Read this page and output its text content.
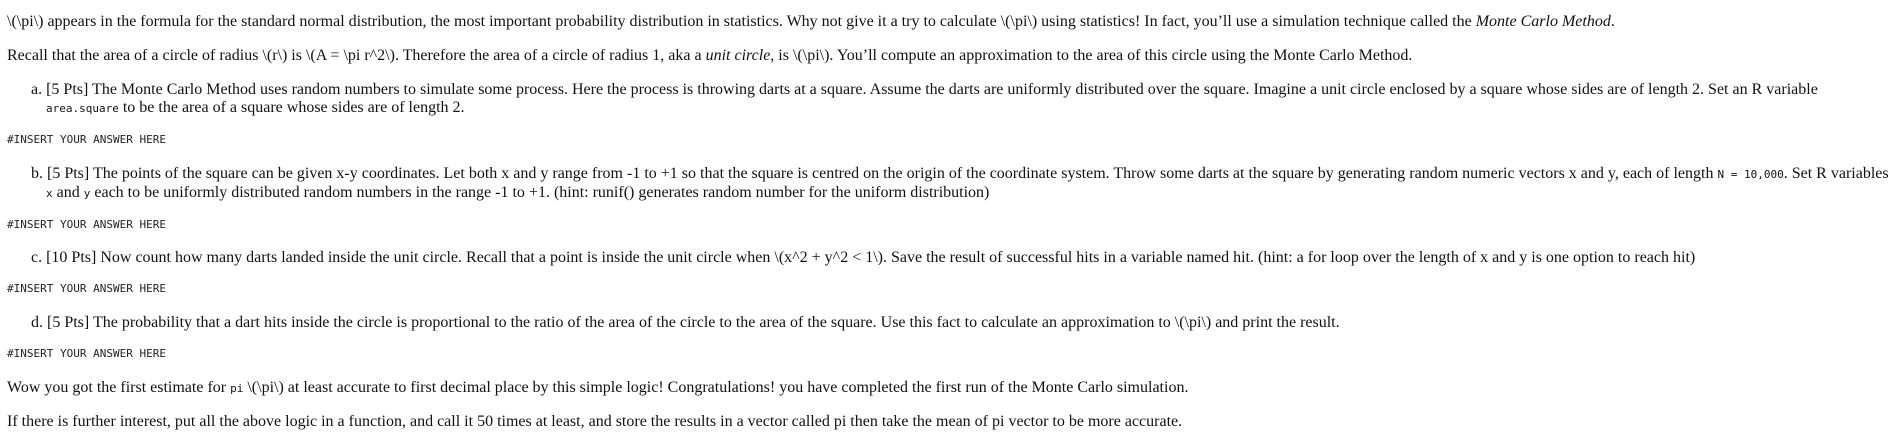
\(\pi\) appears in the formula for the standard normal distribution, the most important probability distribution in statistics. Why not give it a try to calculate \(\pi\) using statistics! In fact, you’ll use a simulation technique called the Monte Carlo Method.
Recall that the area of a circle of radius \(r\) is \(A = \pi r^2\). Therefore the area of a circle of radius 1, aka a unit circle, is \(\pi\). You’ll compute an approximation to the area of this circle using the Monte Carlo Method.
a. [5 Pts] The Monte Carlo Method uses random numbers to simulate some process. Here the process is throwing darts at a square. Assume the darts are uniformly distributed over the square. Imagine a unit circle enclosed by a square whose sides are of length 2. Set an R variable
area.square to be the area of a square whose sides are of length 2.
#INSERT YOUR ANSWER HERE
b. [5 Pts] The points of the square can be given x-y coordinates. Let both x and y range from -1 to +1 so that the square is centred on the origin of the coordinate system. Throw some darts at the square by generating random numeric vectors x and y, each of length N = 10,000. Set R variables
x and y each to be uniformly distributed random numbers in the range -1 to +1. (hint: runif() generates random number for the uniform distribution)
#INSERT YOUR ANSWER HERE
c. [10 Pts] Now count how many darts landed inside the unit circle. Recall that a point is inside the unit circle when \(x^2 + y^2 < 1\). Save the result of successful hits in a variable named hit. (hint: a for loop over the length of x and y is one option to reach hit)
#INSERT YOUR ANSWER HERE
d. [5 Pts] The probability that a dart hits inside the circle is proportional to the ratio of the area of the circle to the area of the square. Use this fact to calculate an approximation to \(\pi\) and print the result.
#INSERT YOUR ANSWER HERE
Wow you got the first estimate for pi \(\pi\) at least accurate to first decimal place by this simple logic! Congratulations! you have completed the first run of the Monte Carlo simulation.
If there is further interest, put all the above logic in a function, and call it 50 times at least, and store the results in a vector called pi then take the mean of pi vector to be more accurate.
